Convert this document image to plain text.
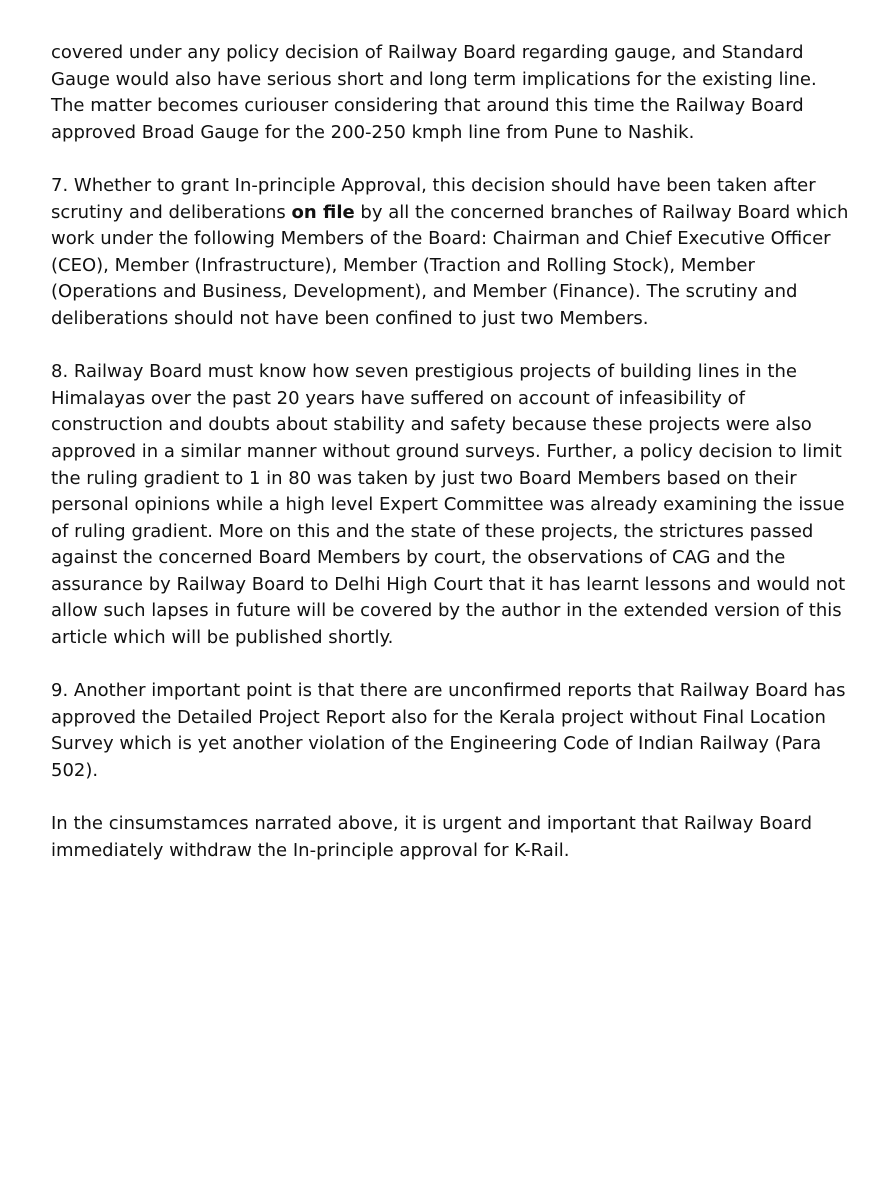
covered under any policy decision of Railway Board regarding gauge, and Standard Gauge would also have serious short and long term implications for the existing line. The matter becomes curiouser considering that around this time the Railway Board approved Broad Gauge for the 200-250 kmph line from Pune to Nashik.

7. Whether to grant In-principle Approval, this decision should have been taken after scrutiny and deliberations on file by all the concerned branches of Railway Board which work under the following Members of the Board: Chairman and Chief Executive Officer (CEO), Member (Infrastructure), Member (Traction and Rolling Stock), Member (Operations and Business, Development), and Member (Finance). The scrutiny and deliberations should not have been confined to just two Members.

8. Railway Board must know how seven prestigious projects of building lines in the Himalayas over the past 20 years have suffered on account of infeasibility of construction and doubts about stability and safety because these projects were also approved in a similar manner without ground surveys. Further, a policy decision to limit the ruling gradient to 1 in 80 was taken by just two Board Members based on their personal opinions while a high level Expert Committee was already examining the issue of ruling gradient. More on this and the state of these projects, the strictures passed against the concerned Board Members by court, the observations of CAG and the assurance by Railway Board to Delhi High Court that it has learnt lessons and would not allow such lapses in future will be covered by the author in the extended version of this article which will be published shortly.

9. Another important point is that there are unconfirmed reports that Railway Board has approved the Detailed Project Report also for the Kerala project without Final Location Survey which is yet another violation of the Engineering Code of Indian Railway (Para 502).

In the cinsumstamces narrated above, it is urgent and important that Railway Board immediately withdraw the In-principle approval for K-Rail.
